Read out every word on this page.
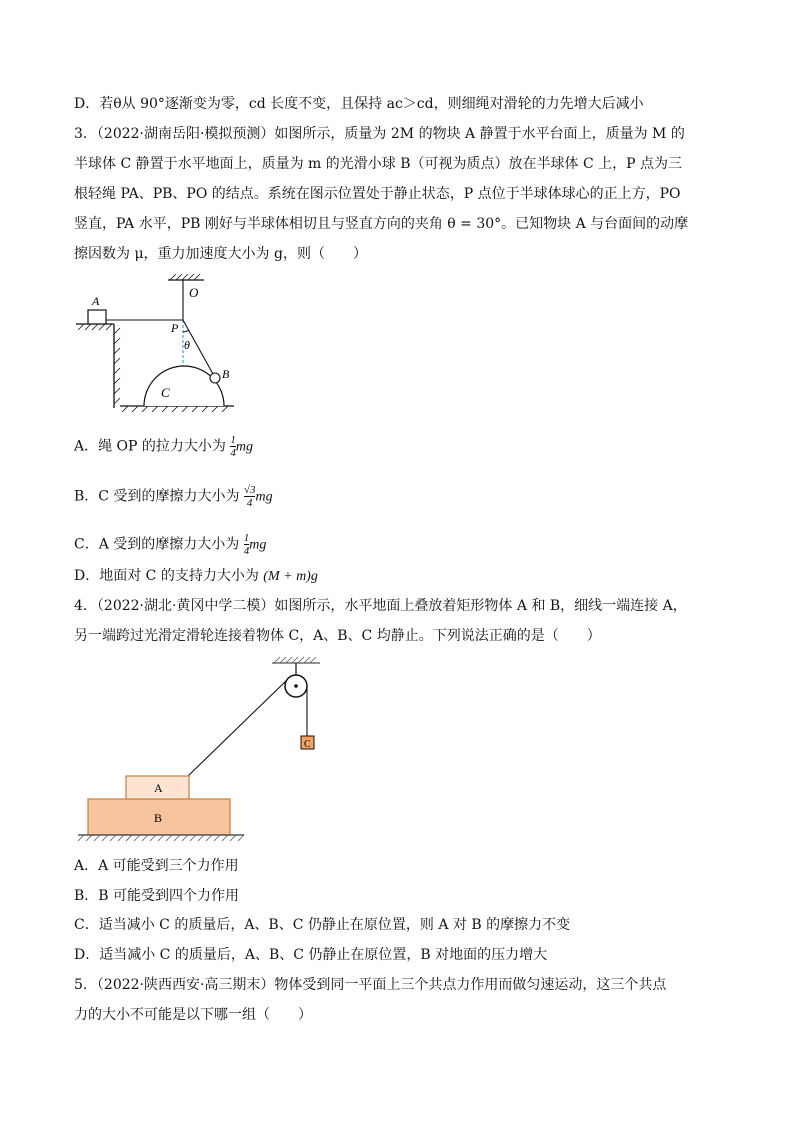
D．若θ从 90°逐渐变为零，cd 长度不变，且保持 ac＞cd，则细绳对滑轮的力先增大后减小
3．（2022·湖南岳阳·模拟预测）如图所示，质量为 2M 的物块 A 静置于水平台面上，质量为 M 的
半球体 C 静置于水平地面上，质量为 m 的光滑小球 B（可视为质点）放在半球体 C 上，P 点为三
根轻绳 PA、PB、PO 的结点。系统在图示位置处于静止状态，P 点位于半球体球心的正上方，PO
竖直，PA 水平，PB 刚好与半球体相切且与竖直方向的夹角 θ = 30°。已知物块 A 与台面间的动摩
擦因数为 μ，重力加速度大小为 g，则（　　）
A
O
P
θ
C
B
A．绳 OP 的拉力大小为 $\frac{1}{4}$ mg
B．C 受到的摩擦力大小为 $\frac{√3}{4}$ mg
C．A 受到的摩擦力大小为 $\frac{1}{4}$ mg
D．地面对 C 的支持力大小为 (M + m)g
4．（2022·湖北·黄冈中学二模）如图所示，水平地面上叠放着矩形物体 A 和 B，细线一端连接 A，
另一端跨过光滑定滑轮连接着物体 C，A、B、C 均静止。下列说法正确的是（　　）
C
B
A
A．A 可能受到三个力作用
B．B 可能受到四个力作用
C．适当减小 C 的质量后，A、B、C 仍静止在原位置，则 A 对 B 的摩擦力不变
D．适当减小 C 的质量后，A、B、C 仍静止在原位置，B 对地面的压力增大
5．（2022·陕西西安·高三期末）物体受到同一平面上三个共点力作用而做匀速运动，这三个共点
力的大小不可能是以下哪一组（　　）
